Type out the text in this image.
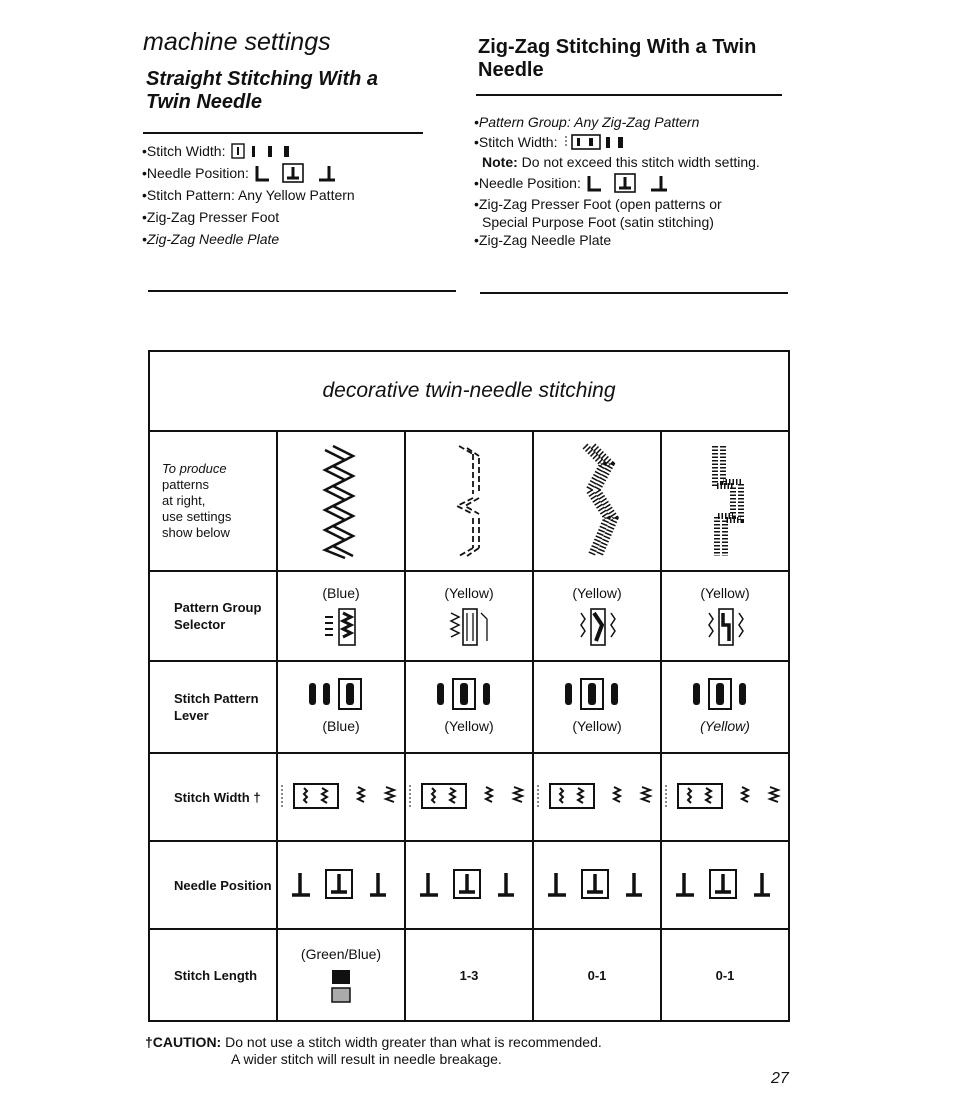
machine settings
Straight Stitching With a Twin Needle
• Stitch Width:
• Needle Position:
• Stitch Pattern: Any Yellow Pattern
• Zig-Zag Presser Foot
• Zig-Zag Needle Plate
Zig-Zag Stitching With a Twin Needle
• Pattern Group: Any Zig-Zag Pattern
• Stitch Width:
Note:
Do not exceed this stitch width setting.
• Needle Position:
• Zig-Zag Presser Foot (open patterns or
Special Purpose Foot (satin stitching)
• Zig-Zag Needle Plate
decorative twin-needle stitching				

To produce
patterns
at right,
use settings
show below

Pattern Group Selector	(Blue)	(Yellow)	(Yellow)	(Yellow)

Stitch Pattern Lever	(Blue)	(Yellow)	(Yellow)	(Yellow)

Stitch Width †				
Needle Position				
Stitch Length	(Green/Blue)	1-3	0-1	0-1
†CAUTION: Do not use a stitch width greater than what is recommended.
A wider stitch will result in needle breakage.
27
